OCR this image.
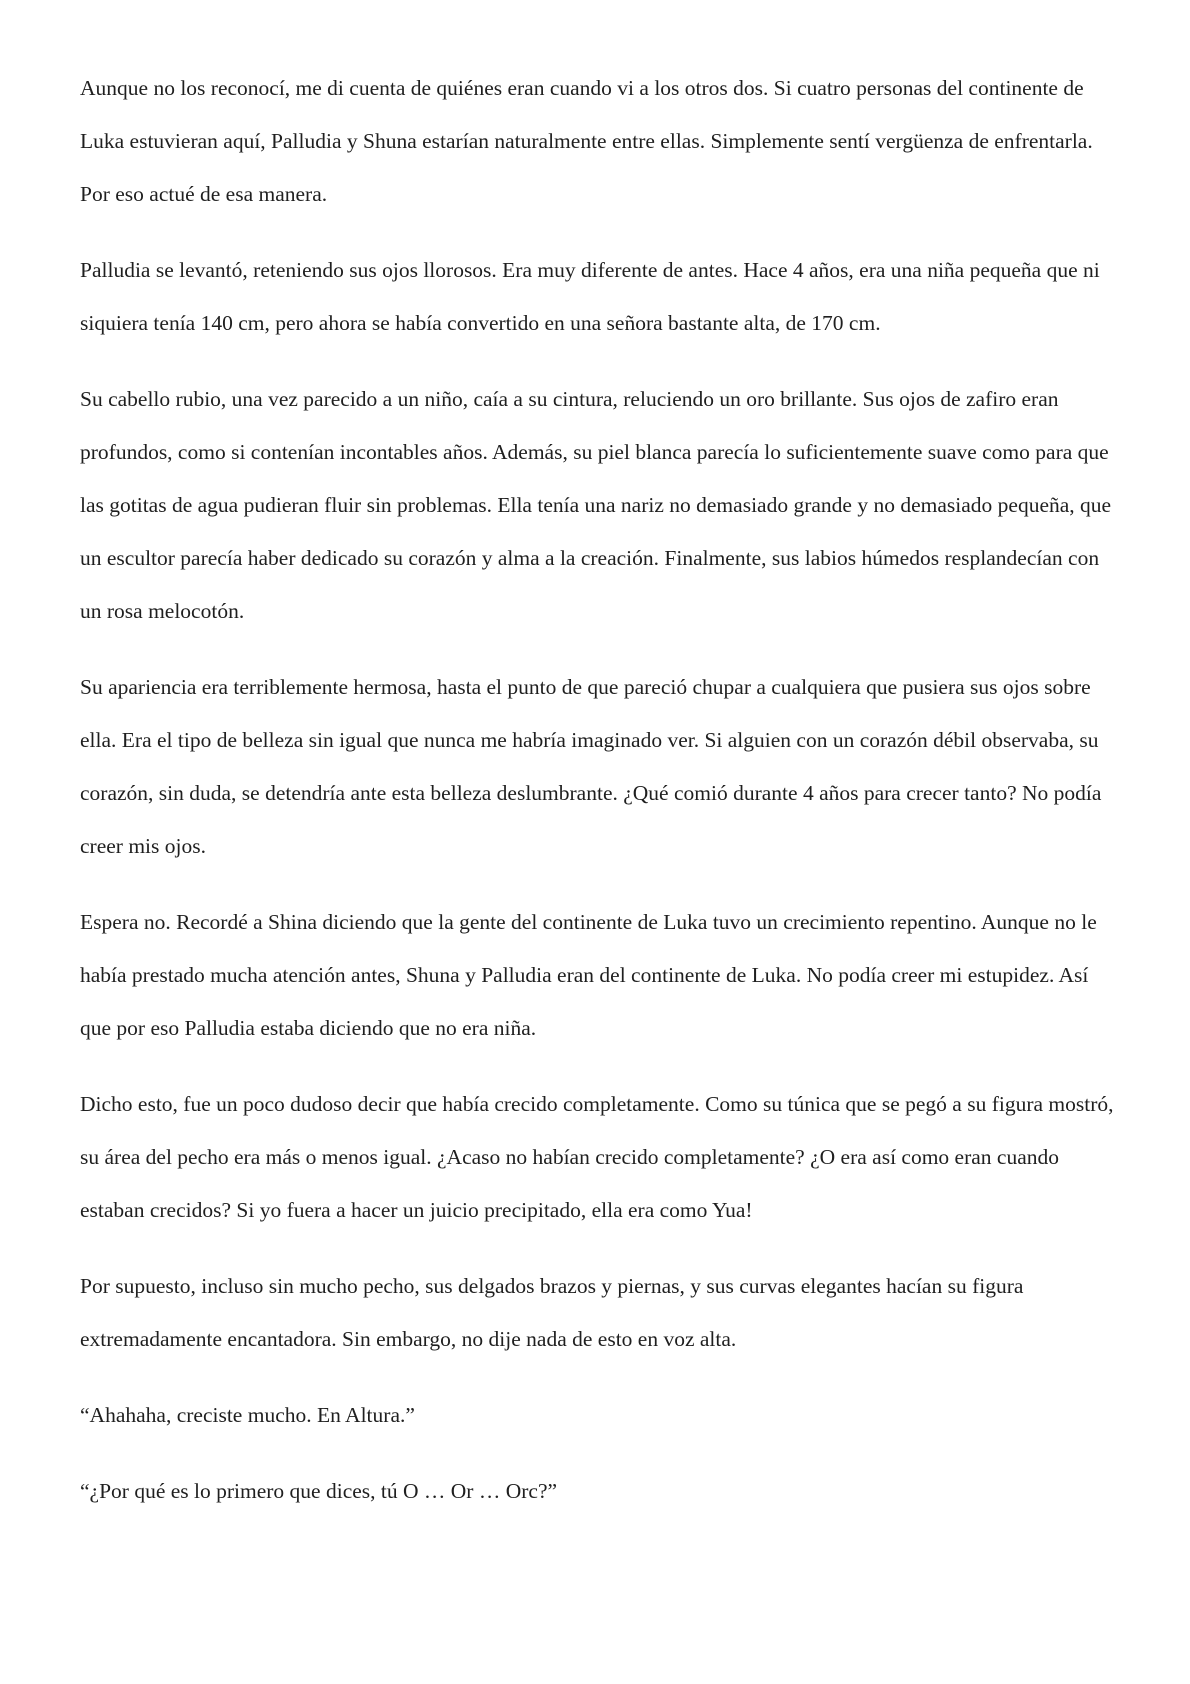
Aunque no los reconocí, me di cuenta de quiénes eran cuando vi a los otros dos. Si cuatro personas del continente de Luka estuvieran aquí, Palludia y Shuna estarían naturalmente entre ellas. Simplemente sentí vergüenza de enfrentarla. Por eso actué de esa manera.

Palludia se levantó, reteniendo sus ojos llorosos. Era muy diferente de antes. Hace 4 años, era una niña pequeña que ni siquiera tenía 140 cm, pero ahora se había convertido en una señora bastante alta, de 170 cm.

Su cabello rubio, una vez parecido a un niño, caía a su cintura, reluciendo un oro brillante. Sus ojos de zafiro eran profundos, como si contenían incontables años. Además, su piel blanca parecía lo suficientemente suave como para que las gotitas de agua pudieran fluir sin problemas. Ella tenía una nariz no demasiado grande y no demasiado pequeña, que un escultor parecía haber dedicado su corazón y alma a la creación. Finalmente, sus labios húmedos resplandecían con un rosa melocotón.

Su apariencia era terriblemente hermosa, hasta el punto de que pareció chupar a cualquiera que pusiera sus ojos sobre ella. Era el tipo de belleza sin igual que nunca me habría imaginado ver. Si alguien con un corazón débil observaba, su corazón, sin duda, se detendría ante esta belleza deslumbrante. ¿Qué comió durante 4 años para crecer tanto? No podía creer mis ojos.

Espera no. Recordé a Shina diciendo que la gente del continente de Luka tuvo un crecimiento repentino. Aunque no le había prestado mucha atención antes, Shuna y Palludia eran del continente de Luka. No podía creer mi estupidez. Así que por eso Palludia estaba diciendo que no era niña.

Dicho esto, fue un poco dudoso decir que había crecido completamente. Como su túnica que se pegó a su figura mostró, su área del pecho era más o menos igual. ¿Acaso no habían crecido completamente? ¿O era así como eran cuando estaban crecidos? Si yo fuera a hacer un juicio precipitado, ella era como Yua!

Por supuesto, incluso sin mucho pecho, sus delgados brazos y piernas, y sus curvas elegantes hacían su figura extremadamente encantadora. Sin embargo, no dije nada de esto en voz alta.

“Ahahaha, creciste mucho. En Altura.”

“¿Por qué es lo primero que dices, tú O … Or … Orc?”
